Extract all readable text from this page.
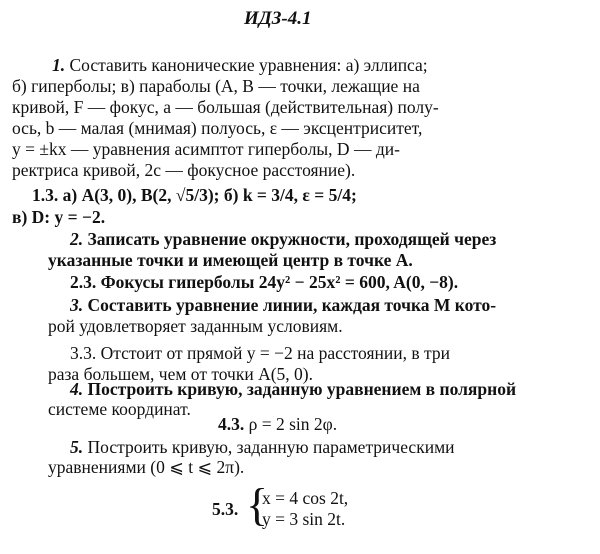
ИДЗ-4.1
1. Составить канонические уравнения: а) эллипса;
б) гиперболы; в) параболы (A, B — точки, лежащие на
кривой, F — фокус, a — большая (действительная) полу-
ось, b — малая (мнимая) полуось, ε — эксцентриситет,
y = ±kx — уравнения асимптот гиперболы, D — ди-
ректриса кривой, 2c — фокусное расстояние).
1.3. а) A(3, 0), B(2, √5/3); б) k = 3/4, ε = 5/4;
в) D: y = −2.
2. Записать уравнение окружности, проходящей через
указанные точки и имеющей центр в точке A.
2.3. Фокусы гиперболы 24y² − 25x² = 600, A(0, −8).
3. Составить уравнение линии, каждая точка M кото-
рой удовлетворяет заданным условиям.
3.3. Отстоит от прямой y = −2 на расстоянии, в три
раза большем, чем от точки A(5, 0).
4. Построить кривую, заданную уравнением в полярной
системе координат.
4.3. ρ = 2 sin 2φ.
5. Построить кривую, заданную параметрическими
уравнениями (0 ⩽ t ⩽ 2π).
5.3. {
x = 4 cos 2t,
y = 3 sin 2t.
